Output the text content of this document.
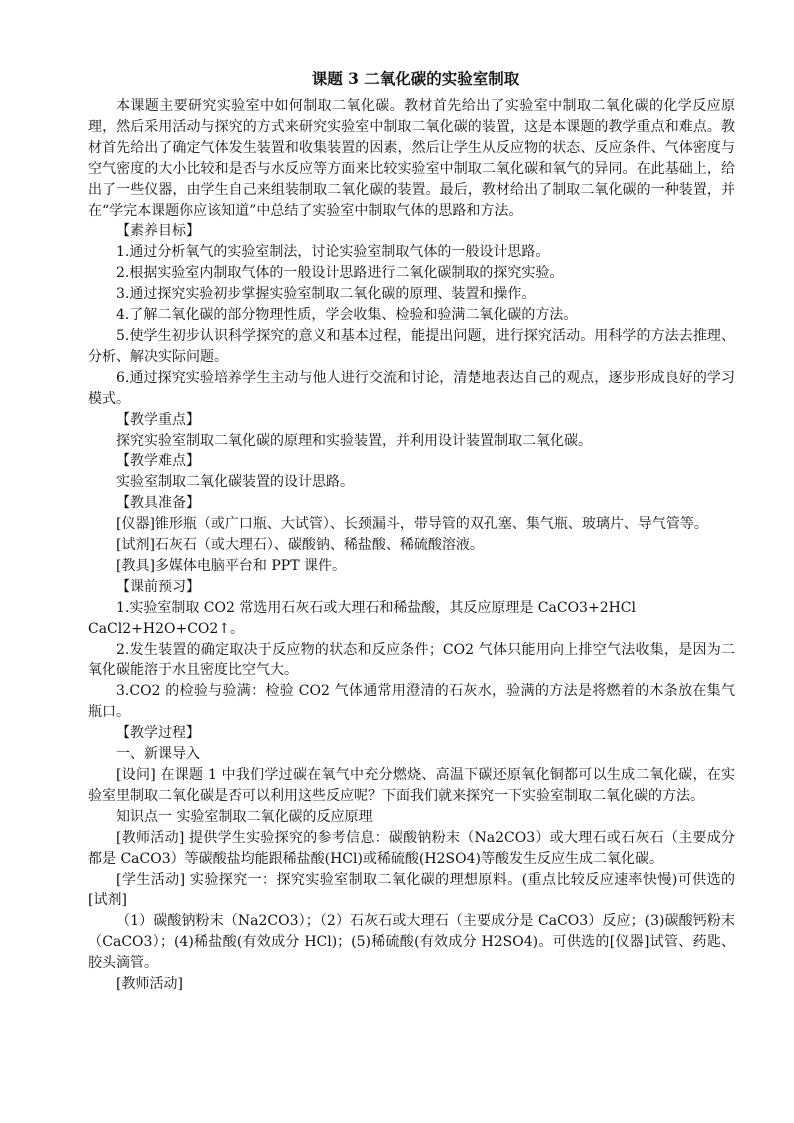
课题 3 二氧化碳的实验室制取

本课题主要研究实验室中如何制取二氧化碳。教材首先给出了实验室中制取二氧化碳的化学反应原理，然后采用活动与探究的方式来研究实验室中制取二氧化碳的装置，这是本课题的教学重点和难点。教材首先给出了确定气体发生装置和收集装置的因素，然后让学生从反应物的状态、反应条件、气体密度与空气密度的大小比较和是否与水反应等方面来比较实验室中制取二氧化碳和氧气的异同。在此基础上，给出了一些仪器，由学生自己来组装制取二氧化碳的装置。最后，教材给出了制取二氧化碳的一种装置，并在“学完本课题你应该知道”中总结了实验室中制取气体的思路和方法。

【素养目标】

1.通过分析氧气的实验室制法，讨论实验室制取气体的一般设计思路。

2.根据实验室内制取气体的一般设计思路进行二氧化碳制取的探究实验。

3.通过探究实验初步掌握实验室制取二氧化碳的原理、装置和操作。

4.了解二氧化碳的部分物理性质，学会收集、检验和验满二氧化碳的方法。

5.使学生初步认识科学探究的意义和基本过程，能提出问题，进行探究活动。用科学的方法去推理、分析、解决实际问题。

6.通过探究实验培养学生主动与他人进行交流和讨论，清楚地表达自己的观点，逐步形成良好的学习模式。

【教学重点】

探究实验室制取二氧化碳的原理和实验装置，并利用设计装置制取二氧化碳。

【教学难点】

实验室制取二氧化碳装置的设计思路。

【教具准备】

[仪器]锥形瓶（或广口瓶、大试管）、长颈漏斗，带导管的双孔塞、集气瓶、玻璃片、导气管等。

[试剂]石灰石（或大理石）、碳酸钠、稀盐酸、稀硫酸溶液。

[教具]多媒体电脑平台和 PPT 课件。

【课前预习】

1.实验室制取 CO2 常选用石灰石或大理石和稀盐酸，其反应原理是 CaCO3+2HCl

CaCl2+H2O+CO2↑。

2.发生装置的确定取决于反应物的状态和反应条件；CO2 气体只能用向上排空气法收集，是因为二氧化碳能溶于水且密度比空气大。

3.CO2 的检验与验满：检验 CO2 气体通常用澄清的石灰水，验满的方法是将燃着的木条放在集气瓶口。

【教学过程】

一、新课导入

[设问] 在课题 1 中我们学过碳在氧气中充分燃烧、高温下碳还原氧化铜都可以生成二氧化碳，在实验室里制取二氧化碳是否可以利用这些反应呢？下面我们就来探究一下实验室制取二氧化碳的方法。

知识点一 实验室制取二氧化碳的反应原理

[教师活动] 提供学生实验探究的参考信息：碳酸钠粉末（Na2CO3）或大理石或石灰石（主要成分都是 CaCO3）等碳酸盐均能跟稀盐酸(HCl)或稀硫酸(H2SO4)等酸发生反应生成二氧化碳。

[学生活动] 实验探究一：探究实验室制取二氧化碳的理想原料。(重点比较反应速率快慢)可供选的[试剂]

（1）碳酸钠粉末（Na2CO3）；（2）石灰石或大理石（主要成分是 CaCO3）反应；(3)碳酸钙粉末（CaCO3）；(4)稀盐酸(有效成分 HCl)；(5)稀硫酸(有效成分 H2SO4)。可供选的[仪器]试管、药匙、胶头滴管。

[教师活动]
